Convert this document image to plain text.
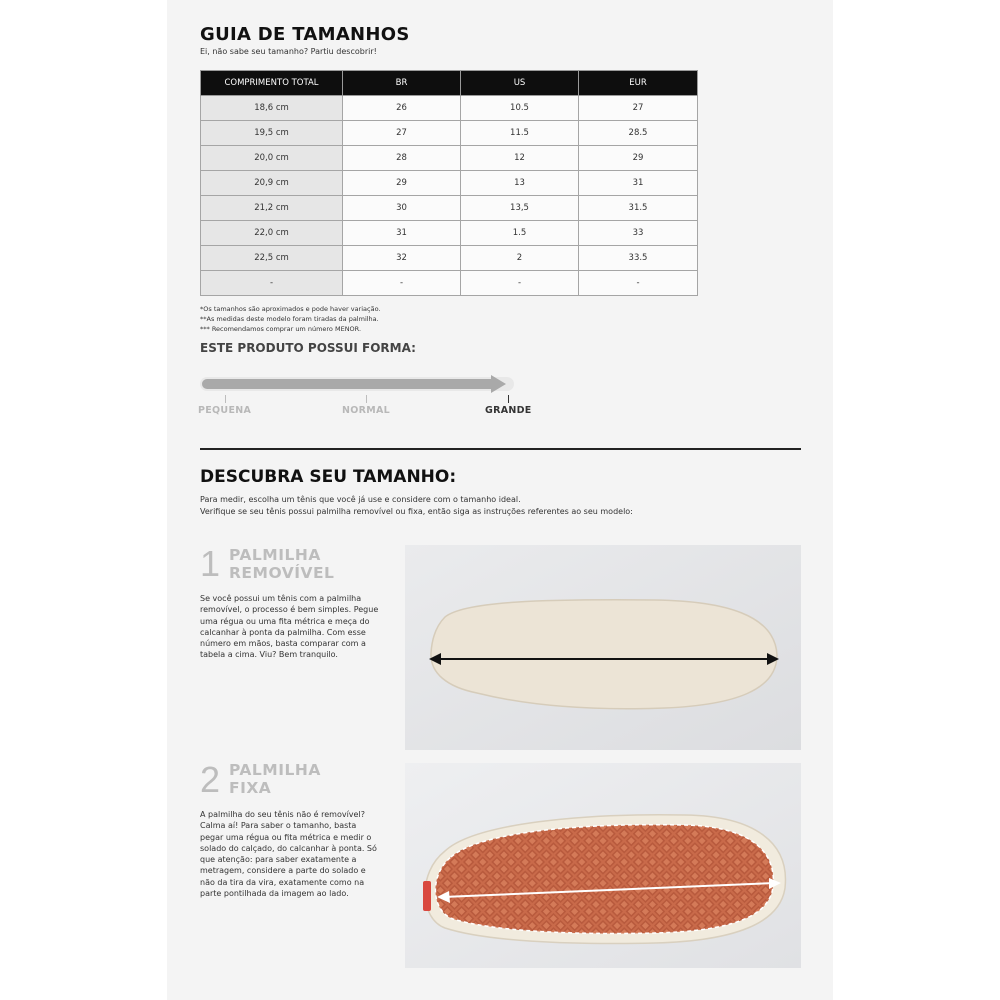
GUIA DE TAMANHOS
Ei, não sabe seu tamanho? Partiu descobrir!
COMPRIMENTO TOTAL	BR	US	EUR
18,6 cm	26	10.5	27
19,5 cm	27	11.5	28.5
20,0 cm	28	12	29
20,9 cm	29	13	31
21,2 cm	30	13,5	31.5
22,0 cm	31	1.5	33
22,5 cm	32	2	33.5
-	-	-	-
*Os tamanhos são aproximados e pode haver variação.
**As medidas deste modelo foram tiradas da palmilha.
*** Recomendamos comprar um número MENOR.
ESTE PRODUTO POSSUI FORMA:
PEQUENA	NORMAL	GRANDE
DESCUBRA SEU TAMANHO:
Para medir, escolha um tênis que você já use e considere com o tamanho ideal.
Verifique se seu tênis possui palmilha removível ou fixa, então siga as instruções referentes ao seu modelo:
1 PALMILHA
REMOVÍVEL
Se você possui um tênis com a palmilha removível, o processo é bem simples. Pegue uma régua ou uma fita métrica e meça do calcanhar à ponta da palmilha. Com esse número em mãos, basta comparar com a tabela a cima. Viu? Bem tranquilo.
2 PALMILHA
FIXA
A palmilha do seu tênis não é removível? Calma aí! Para saber o tamanho, basta pegar uma régua ou fita métrica e medir o solado do calçado, do calcanhar à ponta. Só que atenção: para saber exatamente a metragem, considere a parte do solado e não da tira da vira, exatamente como na parte pontilhada da imagem ao lado.
